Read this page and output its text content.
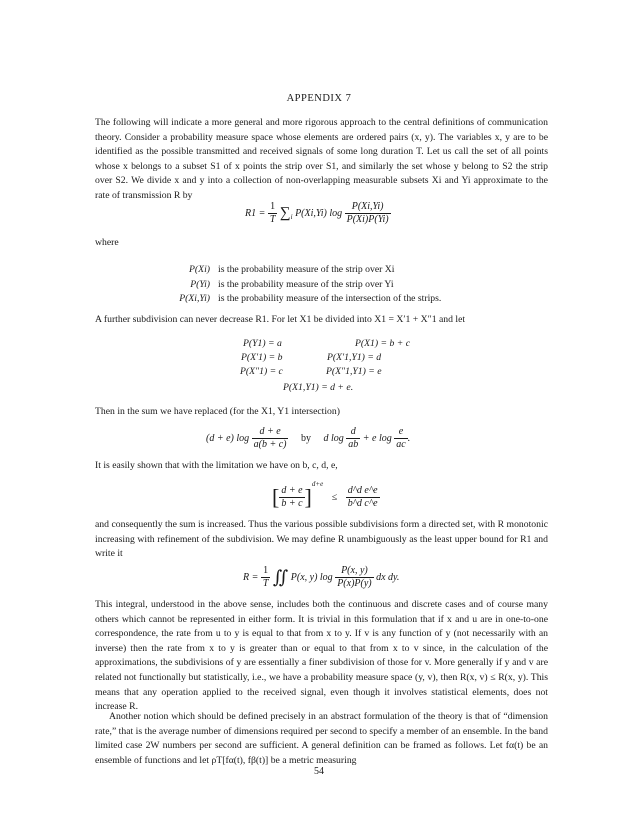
APPENDIX 7

The following will indicate a more general and more rigorous approach to the central definitions of communication theory. Consider a probability measure space whose elements are ordered pairs (x, y). The variables x, y are to be identified as the possible transmitted and received signals of some long duration T. Let us call the set of all points whose x belongs to a subset S1 of x points the strip over S1, and similarly the set whose y belong to S2 the strip over S2. We divide x and y into a collection of non-overlapping measurable subsets Xi and Yi approximate to the rate of transmission R by

$R1 = \frac{1}{T} \sum_i$ P(Xi,Yi) $\log \frac{P(Xi,Yi)}{P(Xi)P(Yi)}$

where

P(Xi) is the probability measure of the strip over Xi
P(Yi) is the probability measure of the strip over Yi
P(Xi,Yi) is the probability measure of the intersection of the strips.

A further subdivision can never decrease R1. For let X1 be divided into X1 = X′1 + X″1 and let

P(Y1) = a	P(X1) = b + c
P(X′1) = b	P(X′1,Y1) = d
P(X″1) = c	P(X″1,Y1) = e
P(X1,Y1) = d + e.

Then in the sum we have replaced (for the X1, Y1 intersection)

(d + e) $\log \frac{d + e}{a(b + c)}$ by d $\log \frac{d}{ab} + e$ $\log \frac{e}{ac}$ .

It is easily shown that with the limitation we have on b, c, d, e,

[ $\frac{d + e}{b + c} ]^{d+e} \le \frac{\text{d\textasciicircum{}d e\textasciicircum{}e}}{\text{b\textasciicircum{}d c\textasciicircum{}e}}$

and consequently the sum is increased. Thus the various possible subdivisions form a directed set, with R monotonic increasing with refinement of the subdivision. We may define R unambiguously as the least upper bound for R1 and write it

$R = \frac{1}{T}$ ∬ P(x, y) $\log \frac{P(x, y)}{P(x)P(y)}$ dx dy.

This integral, understood in the above sense, includes both the continuous and discrete cases and of course many others which cannot be represented in either form. It is trivial in this formulation that if x and u are in one-to-one correspondence, the rate from u to y is equal to that from x to y. If v is any function of y (not necessarily with an inverse) then the rate from x to y is greater than or equal to that from x to v since, in the calculation of the approximations, the subdivisions of y are essentially a finer subdivision of those for v. More generally if y and v are related not functionally but statistically, i.e., we have a probability measure space (y, v), then R(x, v) ≤ R(x, y). This means that any operation applied to the received signal, even though it involves statistical elements, does not increase R.

Another notion which should be defined precisely in an abstract formulation of the theory is that of “dimension rate,” that is the average number of dimensions required per second to specify a member of an ensemble. In the band limited case 2W numbers per second are sufficient. A general definition can be framed as follows. Let fα(t) be an ensemble of functions and let ρT[fα(t), fβ(t)] be a metric measuring

54
